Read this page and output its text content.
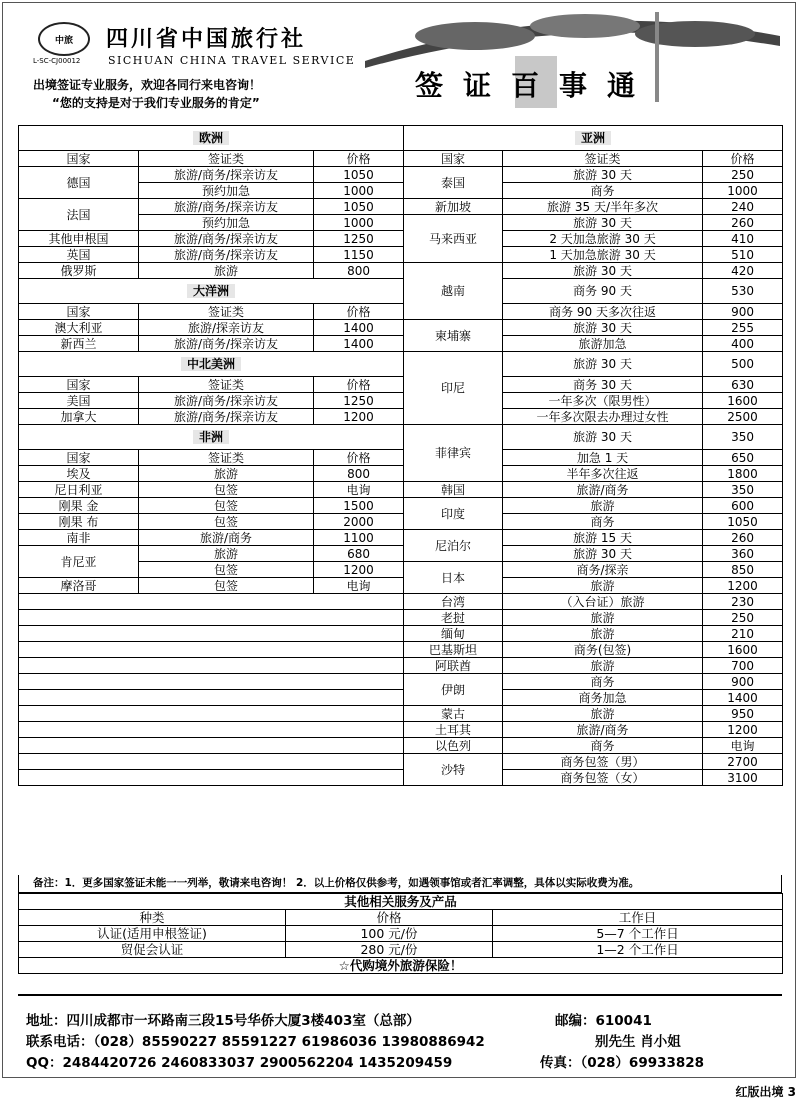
中旅 四川省中国旅行社
SICHUAN CHINA TRAVEL SERVICE
L-SC-CJ00012
出境签证专业服务，欢迎各同行来电咨询！
“您的支持是对于我们专业服务的肯定”
签证百事通
欧洲			亚洲		
国家	签证类	价格	国家	签证类	价格
德国	旅游/商务/探亲访友	1050	泰国	旅游 30 天	250
	预约加急	1000		商务	1000
法国	旅游/商务/探亲访友	1050	新加坡	旅游 35 天/半年多次	240
	预约加急	1000	马来西亚	旅游 30 天	260
其他申根国	旅游/商务/探亲访友	1250		2 天加急旅游 30 天	410
英国	旅游/商务/探亲访友	1150		1 天加急旅游 30 天	510
俄罗斯	旅游	800	越南	旅游 30 天	420
大洋洲				商务 90 天	530
国家	签证类	价格		商务 90 天多次往返	900
澳大利亚	旅游/探亲访友	1400	柬埔寨	旅游 30 天	255
新西兰	旅游/商务/探亲访友	1400		旅游加急	400
中北美洲			印尼	旅游 30 天	500
国家	签证类	价格		商务 30 天	630
美国	旅游/商务/探亲访友	1250		一年多次（限男性）	1600
加拿大	旅游/商务/探亲访友	1200		一年多次限去办理过女性	2500
非洲			菲律宾	旅游 30 天	350
国家	签证类	价格		加急 1 天	650
埃及	旅游	800		半年多次往返	1800
尼日利亚	包签	电询	韩国	旅游/商务	350
刚果 金	包签	1500	印度	旅游	600
刚果 布	包签	2000		商务	1050
南非	旅游/商务	1100	尼泊尔	旅游 15 天	260
肯尼亚	旅游	680		旅游 30 天	360
	包签	1200	日本	商务/探亲	850
摩洛哥	包签	电询		旅游	1200
			台湾	（入台证）旅游	230
			老挝	旅游	250
			缅甸	旅游	210
			巴基斯坦	商务(包签)	1600
			阿联酋	旅游	700
			伊朗	商务	900
				商务加急	1400
			蒙古	旅游	950
			土耳其	旅游/商务	1200
			以色列	商务	电询
			沙特	商务包签（男）	2700
				商务包签（女）	3100
备注：1．更多国家签证未能一一列举，敬请来电咨询！ 2．以上价格仅供参考，如遇领事馆或者汇率调整，具体以实际收费为准。
其他相关服务及产品		
种类	价格	工作日
认证(适用申根签证)	100 元/份	5—7 个工作日
贸促会认证	280 元/份	1—2 个工作日
☆代购境外旅游保险！		
地址：四川成都市一环路南三段15号华侨大厦3楼403室（总部）	邮编：610041
联系电话：（028）85590227 85591227 61986036 13980886942	别先生 肖小姐
QQ：2484420726 2460833037 2900562204 1435209459	传真：（028）69933828
红版出境 3
